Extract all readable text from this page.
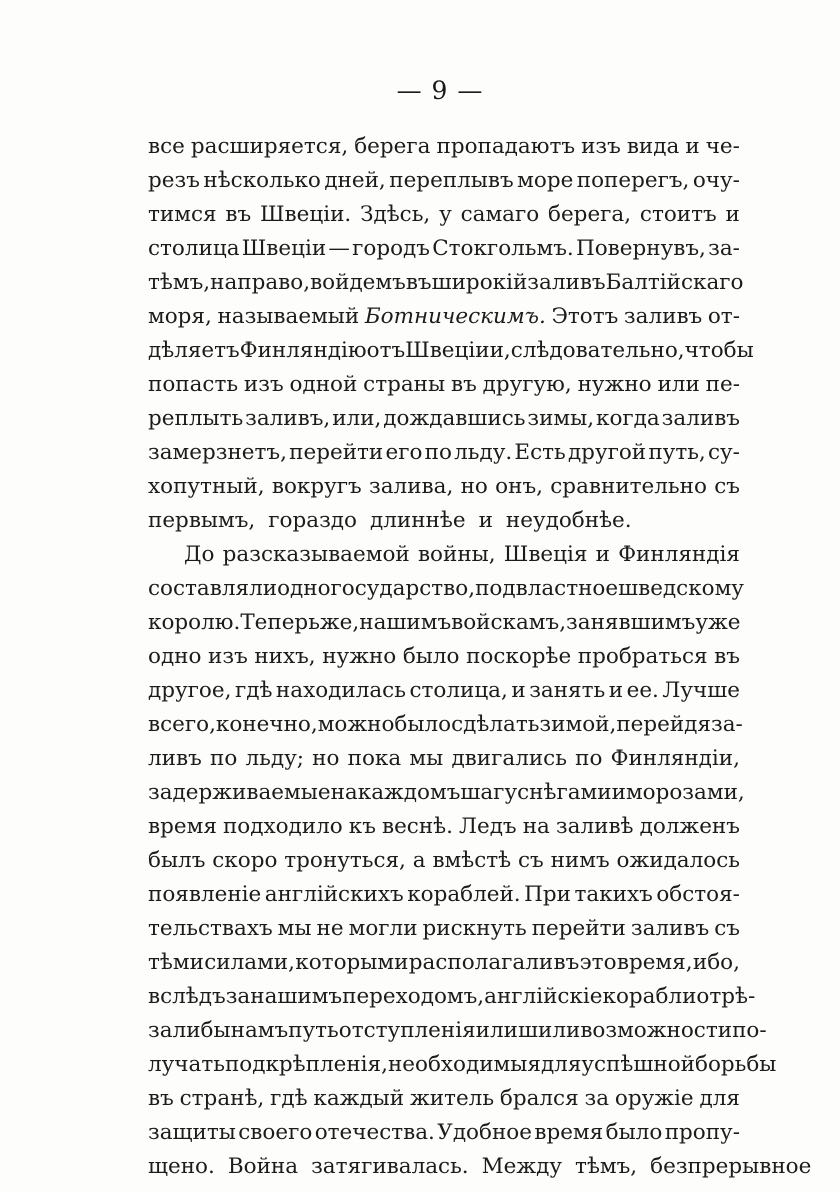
— 9 —
все расширяется, берега пропадаютъ изъ вида и че-
резъ нѣсколько дней, переплывъ море поперегъ, очу-
тимся въ Швеціи. Здѣсь, у самаго берега, стоитъ и
столица Швеціи — городъ Стокгольмъ. Повернувъ, за-
тѣмъ, направо, войдемъ въ широкій заливъ Балтійскаго
моря, называемый Ботническимъ. Этотъ заливъ от-
дѣляетъ Финляндію отъ Швеціи и, слѣдовательно, чтобы
попасть изъ одной страны въ другую, нужно или пе-
реплыть заливъ, или, дождавшись зимы, когда заливъ
замерзнетъ, перейти его по льду. Есть другой путь, су-
хопутный, вокругъ залива, но онъ, сравнительно съ
первымъ, гораздо длиннѣе и неудобнѣе.
До разсказываемой войны, Швеція и Финляндія
составляли одно государство, подвластное шведскому
королю. Теперь же, нашимъ войскамъ, занявшимъ уже
одно изъ нихъ, нужно было поскорѣе пробраться въ
другое, гдѣ находилась столица, и занять и ее. Лучше
всего, конечно, можно было сдѣлать зимой, перейдя за-
ливъ по льду; но пока мы двигались по Финляндіи,
задерживаемые на каждомъ шагу снѣгами и морозами,
время подходило къ веснѣ. Ледъ на заливѣ долженъ
былъ скоро тронуться, а вмѣстѣ съ нимъ ожидалось
появленіе англійскихъ кораблей. При такихъ обстоя-
тельствахъ мы не могли рискнуть перейти заливъ съ
тѣми силами, которыми располагали въ это время, ибо,
вслѣдъ за нашимъ переходомъ, англійскіе корабли отрѣ-
зали бы намъ путь отступленія и лишили возможности по-
лучать подкрѣпленія, необходимыя для успѣшной борьбы
въ странѣ, гдѣ каждый житель брался за оружіе для
защиты своего отечества. Удобное время было пропу-
щено. Война затягивалась. Между тѣмъ, безпрерывное
